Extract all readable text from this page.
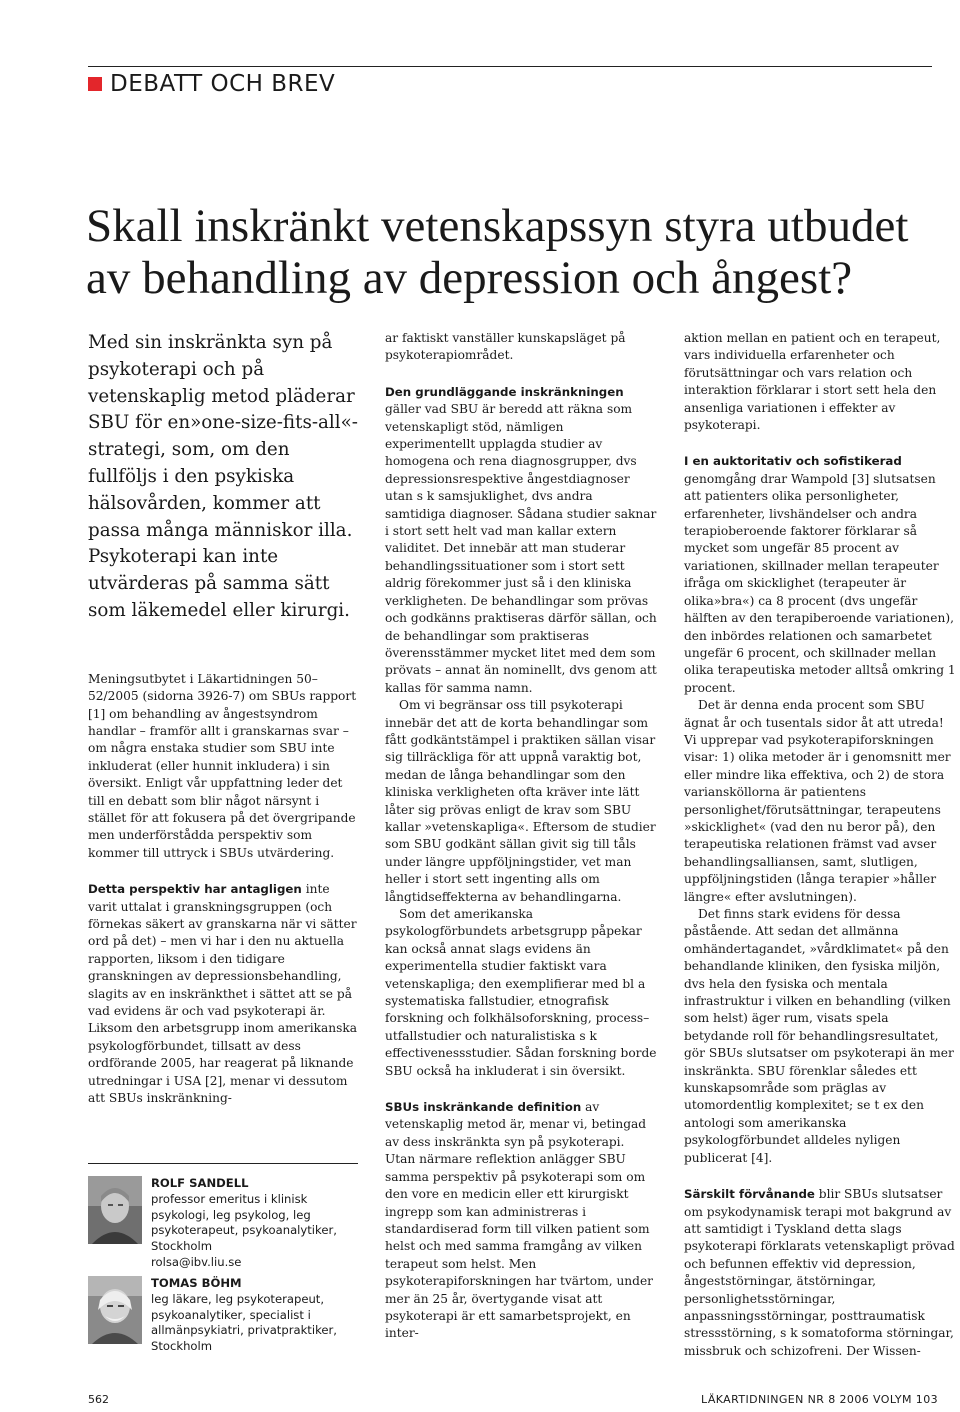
DEBATT OCH BREV
Skall inskränkt vetenskapssyn styra utbudet av behandling av depression och ångest?

Med sin inskränkta syn på psykoterapi och på vetenskaplig metod pläderar SBU för en»one-size-fits-all«-strategi, som, om den fullföljs i den psykiska hälsovården, kommer att passa många människor illa. Psykoterapi kan inte utvärderas på samma sätt som läkemedel eller kirurgi.

Meningsutbytet i Läkartidningen 50–52/2005 (sidorna 3926-7) om SBUs rapport [1] om behandling av ångestsyndrom handlar – framför allt i granskarnas svar – om några enstaka studier som SBU inte inkluderat (eller hunnit inkludera) i sin översikt. Enligt vår uppfattning leder det till en debatt som blir något närsynt i stället för att fokusera på det övergripande men underförstådda perspektiv som kommer till uttryck i SBUs utvärdering.

Detta perspektiv har antagligen inte varit uttalat i granskningsgruppen (och förnekas säkert av granskarna när vi sätter ord på det) – men vi har i den nu aktuella rapporten, liksom i den tidigare granskningen av depressionsbehandling, slagits av en inskränkthet i sättet att se på vad evidens är och vad psykoterapi är. Liksom den arbetsgrupp inom amerikanska psykologförbundet, tillsatt av dess ordförande 2005, har reagerat på liknande utredningar i USA [2], menar vi dessutom att SBUs inskränkning-

ar faktiskt vanställer kunskapsläget på psykoterapiområdet.

Den grundläggande inskränkningen gäller vad SBU är beredd att räkna som vetenskapligt stöd, nämligen experimentellt upplagda studier av homogena och rena diagnosgrupper, dvs depressionsrespektive ångestdiagnoser utan s k samsjuklighet, dvs andra samtidiga diagnoser. Sådana studier saknar i stort sett helt vad man kallar extern validitet. Det innebär att man studerar behandlingssituationer som i stort sett aldrig förekommer just så i den kliniska verkligheten. De behandlingar som prövas och godkänns praktiseras därför sällan, och de behandlingar som praktiseras överensstämmer mycket litet med dem som prövats – annat än nominellt, dvs genom att kallas för samma namn.

Om vi begränsar oss till psykoterapi innebär det att de korta behandlingar som fått godkäntstämpel i praktiken sällan visar sig tillräckliga för att uppnå varaktig bot, medan de långa behandlingar som den kliniska verkligheten ofta kräver inte lätt låter sig prövas enligt de krav som SBU kallar »vetenskapliga«. Eftersom de studier som SBU godkänt sällan givit sig till tåls under längre uppföljningstider, vet man heller i stort sett ingenting alls om långtidseffekterna av behandlingarna.

Som det amerikanska psykologförbundets arbetsgrupp påpekar kan också annat slags evidens än experimentella studier faktiskt vara vetenskapliga; den exemplifierar med bl a systematiska fallstudier, etnografisk forskning och folkhälsoforskning, process–utfallstudier och naturalistiska s k effectivenessstudier. Sådan forskning borde SBU också ha inkluderat i sin översikt.

SBUs inskränkande definition av vetenskaplig metod är, menar vi, betingad av dess inskränkta syn på psykoterapi. Utan närmare reflektion anlägger SBU samma perspektiv på psykoterapi som om den vore en medicin eller ett kirurgiskt ingrepp som kan administreras i standardiserad form till vilken patient som helst och med samma framgång av vilken terapeut som helst. Men psykoterapiforskningen har tvärtom, under mer än 25 år, övertygande visat att psykoterapi är ett samarbetsprojekt, en inter-

aktion mellan en patient och en terapeut, vars individuella erfarenheter och förutsättningar och vars relation och interaktion förklarar i stort sett hela den ansenliga variationen i effekter av psykoterapi.

I en auktoritativ och sofistikerad genomgång drar Wampold [3] slutsatsen att patienters olika personligheter, erfarenheter, livshändelser och andra terapioberoende faktorer förklarar så mycket som ungefär 85 procent av variationen, skillnader mellan terapeuter ifråga om skicklighet (terapeuter är olika»bra«) ca 8 procent (dvs ungefär hälften av den terapiberoende variationen), den inbördes relationen och samarbetet ungefär 6 procent, och skillnader mellan olika terapeutiska metoder alltså omkring 1 procent.

Det är denna enda procent som SBU ägnat år och tusentals sidor åt att utreda! Vi upprepar vad psykoterapiforskningen visar: 1) olika metoder är i genomsnitt mer eller mindre lika effektiva, och 2) de stora variansköllorna är patientens personlighet/förutsättningar, terapeutens »skicklighet« (vad den nu beror på), den terapeutiska relationen främst vad avser behandlingsalliansen, samt, slutligen, uppföljningstiden (långa terapier »håller längre« efter avslutningen).

Det finns stark evidens för dessa påstående. Att sedan det allmänna omhändertagandet, »vårdklimatet« på den behandlande kliniken, den fysiska miljön, dvs hela den fysiska och mentala infrastruktur i vilken en behandling (vilken som helst) äger rum, visats spela betydande roll för behandlingsresultatet, gör SBUs slutsatser om psykoterapi än mer inskränkta. SBU förenklar således ett kunskapsområde som präglas av utomordentlig komplexitet; se t ex den antologi som amerikanska psykologförbundet alldeles nyligen publicerat [4].

Särskilt förvånande blir SBUs slutsatser om psykodynamisk terapi mot bakgrund av att samtidigt i Tyskland detta slags psykoterapi förklarats vetenskapligt prövad och befunnen effektiv vid depression, ångeststörningar, ätstörningar, personlighetsstörningar, anpassningsstörningar, posttraumatisk stressstörning, s k somatoforma störningar, missbruk och schizofreni. Der Wissen-

ROLF SANDELL
professor emeritus i klinisk
psykologi, leg psykolog, leg
psykoterapeut, psykoanalytiker,
Stockholm
rolsa@ibv.liu.se
TOMAS BÖHM
leg läkare, leg psykoterapeut,
psykoanalytiker, specialist i
allmänpsykiatri, privatpraktiker,
Stockholm
562	LÄKARTIDNINGEN NR 8 2006 VOLYM 103
